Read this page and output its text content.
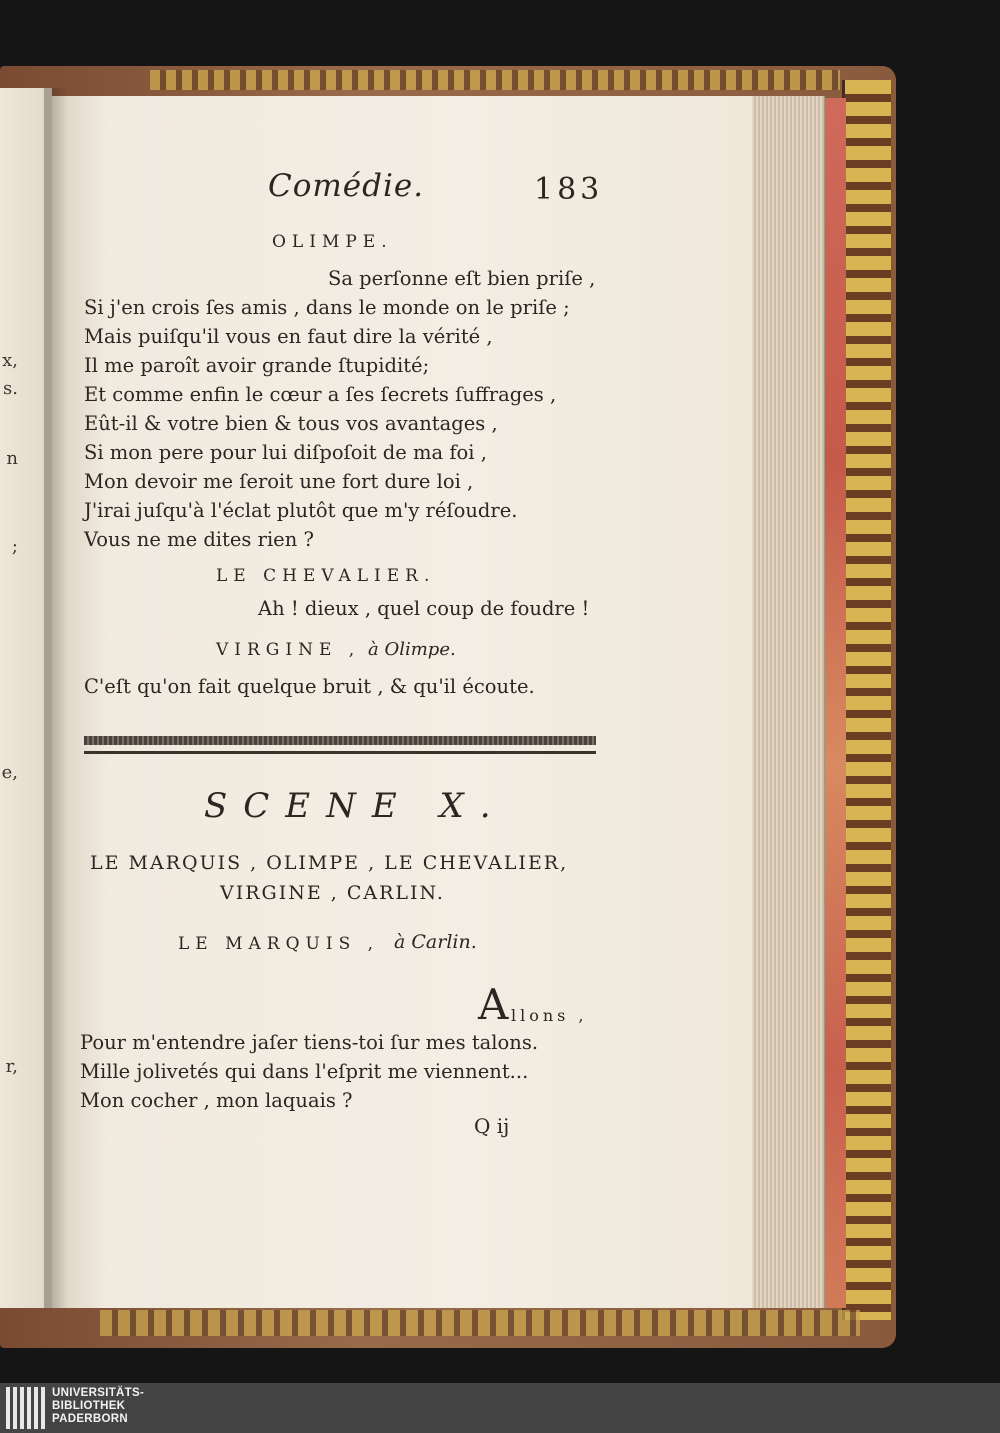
x,
s.
n
;
e,
r,
Comédie.	183
OLIMPE.
Sa perſonne eſt bien priſe ,
Si j'en crois ſes amis , dans le monde on le priſe ;
Mais puiſqu'il vous en faut dire la vérité ,
Il me paroît avoir grande ſtupidité;
Et comme enfin le cœur a ſes ſecrets ſuffrages ,
Eût-il & votre bien & tous vos avantages ,
Si mon pere pour lui diſpoſoit de ma foi ,
Mon devoir me ſeroit une fort dure loi ,
J'irai juſqu'à l'éclat plutôt que m'y réſoudre.
Vous ne me dites rien ?
LE CHEVALIER.
Ah ! dieux , quel coup de foudre !
VIRGINE , à Olimpe.
C'eſt qu'on fait quelque bruit , & qu'il écoute.
SCENE X.
LE MARQUIS , OLIMPE , LE CHEVALIER,
VIRGINE , CARLIN.
LE MARQUIS , à Carlin.
A llons ,
Pour m'entendre jaſer tiens-toi ſur mes talons.
Mille jolivetés qui dans l'eſprit me viennent...
Mon cocher , mon laquais ?
Q ij
UNIVERSITÄTS-
BIBLIOTHEK
PADERBORN
